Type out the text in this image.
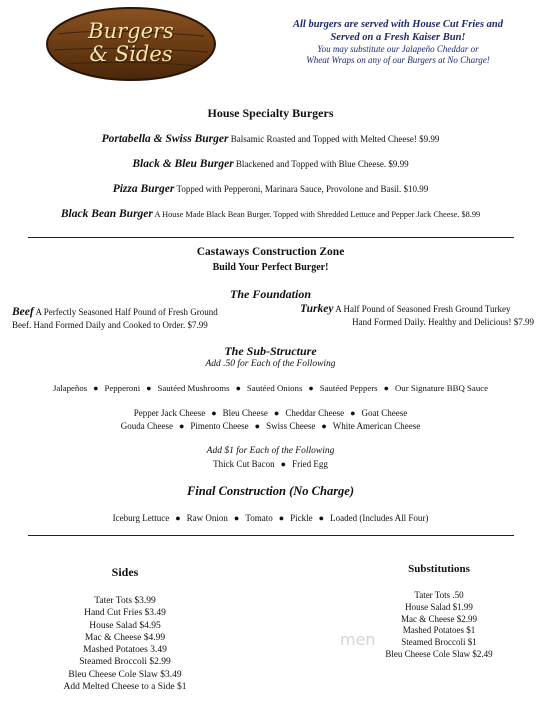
Burgers
& Sides
All burgers are served with House Cut Fries and
Served on a Fresh Kaiser Bun!
You may substitute our Jalapeño Cheddar or
Wheat Wraps on any of our Burgers at No Charge!
House Specialty Burgers
Portabella & Swiss Burger Balsamic Roasted and Topped with Melted Cheese! $9.99
Black & Bleu Burger Blackened and Topped with Blue Cheese. $9.99
Pizza Burger Topped with Pepperoni, Marinara Sauce, Provolone and Basil. $10.99
Black Bean Burger A House Made Black Bean Burger. Topped with Shredded Lettuce and Pepper Jack Cheese. $8.99
Castaways Construction Zone
Build Your Perfect Burger!
The Foundation
Beef A Perfectly Seasoned Half Pound of Fresh Ground
Beef. Hand Formed Daily and Cooked to Order. $7.99
Turkey A Half Pound of Seasoned Fresh Ground Turkey
Hand Formed Daily. Healthy and Delicious! $7.99
The Sub-Structure
Add .50 for Each of the Following
Jalapeños ● Pepperoni ● Sautéed Mushrooms ● Sautéed Onions ● Sautéed Peppers ● Our Signature BBQ Sauce
Pepper Jack Cheese ● Bleu Cheese ● Cheddar Cheese ● Goat Cheese
Gouda Cheese ● Pimento Cheese ● Swiss Cheese ● White American Cheese
Add $1 for Each of the Following
Thick Cut Bacon ● Fried Egg
Final Construction (No Charge)
Iceburg Lettuce ● Raw Onion ● Tomato ● Pickle ● Loaded (Includes All Four)
Sides
Tater Tots $3.99
Hand Cut Fries $3.49
House Salad $4.95
Mac & Cheese $4.99
Mashed Potatoes 3.49
Steamed Broccoli $2.99
Bleu Cheese Cole Slaw $3.49
Add Melted Cheese to a Side $1
Substitutions
Tater Tots .50
House Salad $1.99
Mac & Cheese $2.99
Mashed Potatoes $1
Steamed Broccoli $1
Bleu Cheese Cole Slaw $2.49
men
